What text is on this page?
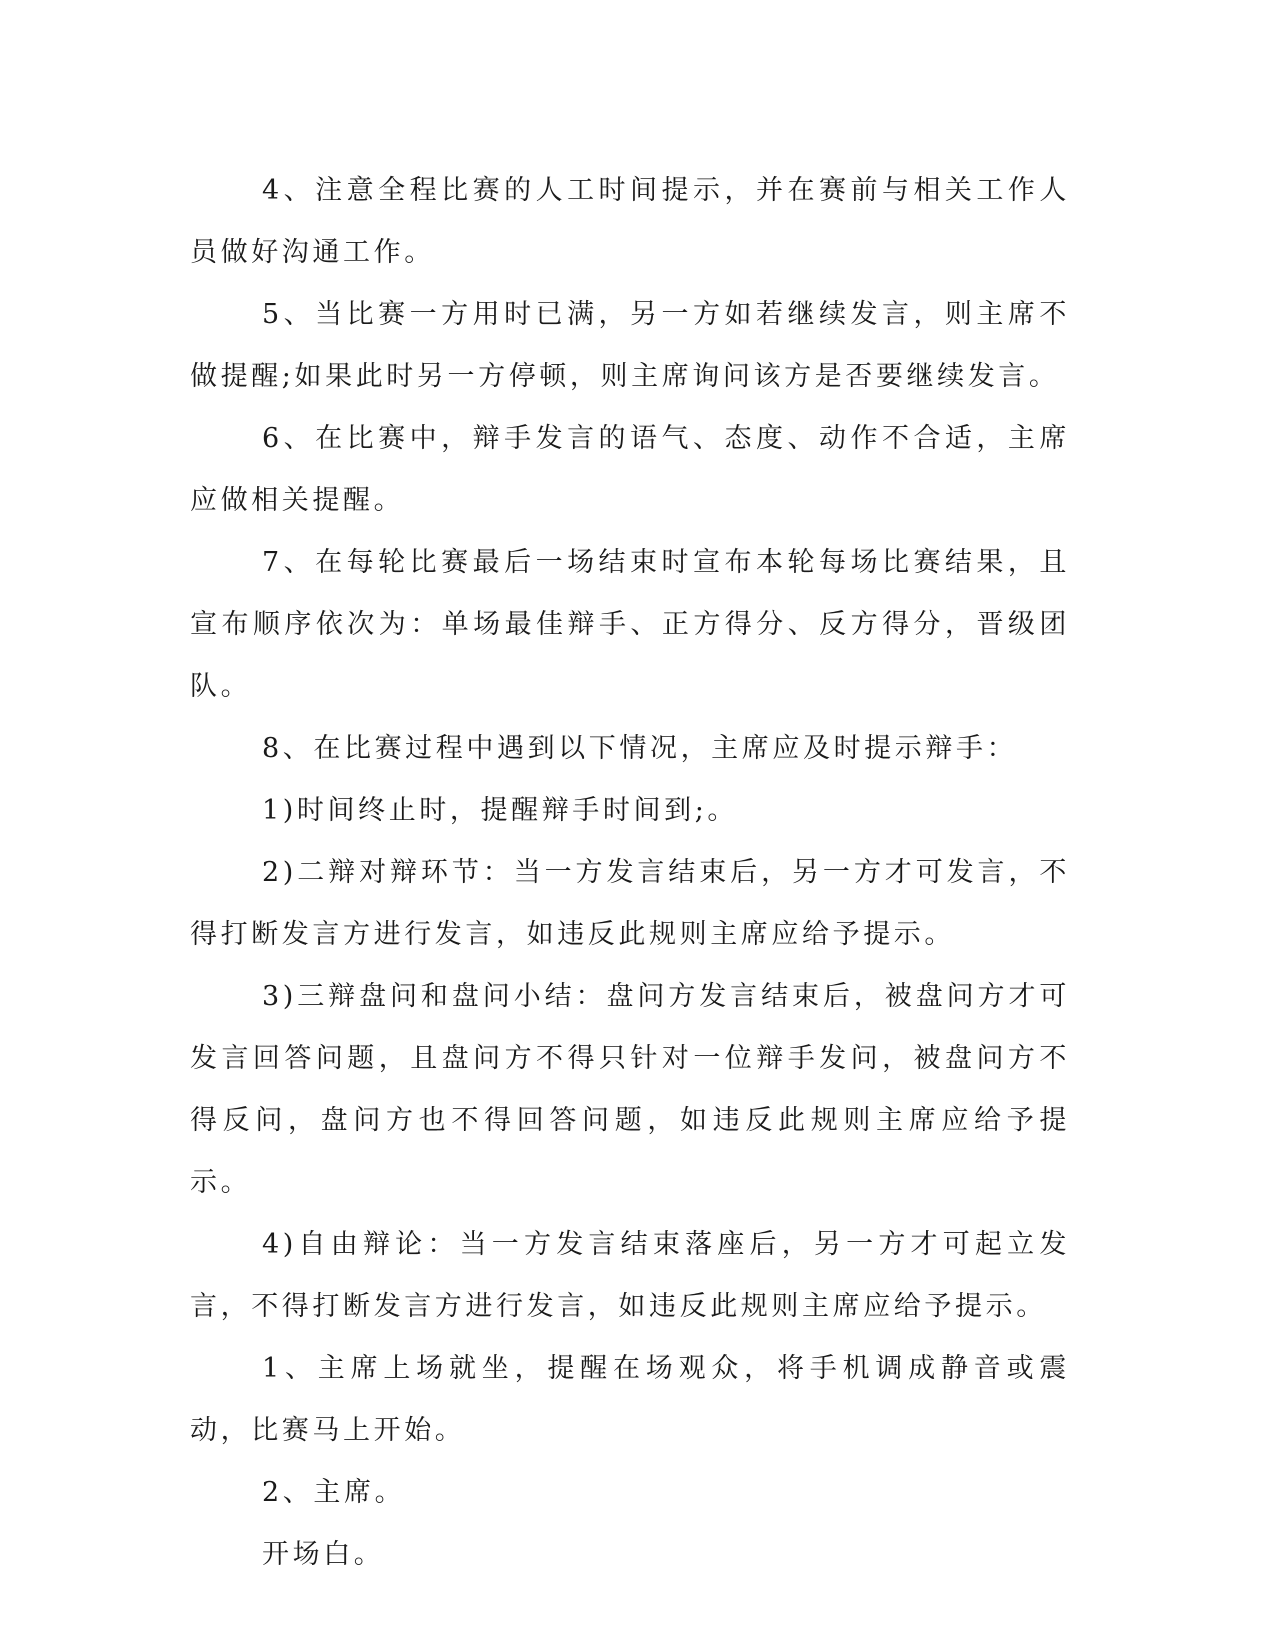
4、注意全程比赛的人工时间提示，并在赛前与相关工作人员做好沟通工作。

5、当比赛一方用时已满，另一方如若继续发言，则主席不做提醒;如果此时另一方停顿，则主席询问该方是否要继续发言。

6、在比赛中，辩手发言的语气、态度、动作不合适，主席应做相关提醒。

7、在每轮比赛最后一场结束时宣布本轮每场比赛结果，且宣布顺序依次为：单场最佳辩手、正方得分、反方得分，晋级团队。

8、在比赛过程中遇到以下情况，主席应及时提示辩手：

1)时间终止时，提醒辩手时间到;。

2)二辩对辩环节：当一方发言结束后，另一方才可发言，不得打断发言方进行发言，如违反此规则主席应给予提示。

3)三辩盘问和盘问小结：盘问方发言结束后，被盘问方才可发言回答问题，且盘问方不得只针对一位辩手发问，被盘问方不得反问，盘问方也不得回答问题，如违反此规则主席应给予提示。

4)自由辩论：当一方发言结束落座后，另一方才可起立发言，不得打断发言方进行发言，如违反此规则主席应给予提示。

1、主席上场就坐，提醒在场观众，将手机调成静音或震动，比赛马上开始。

2、主席。

开场白。
